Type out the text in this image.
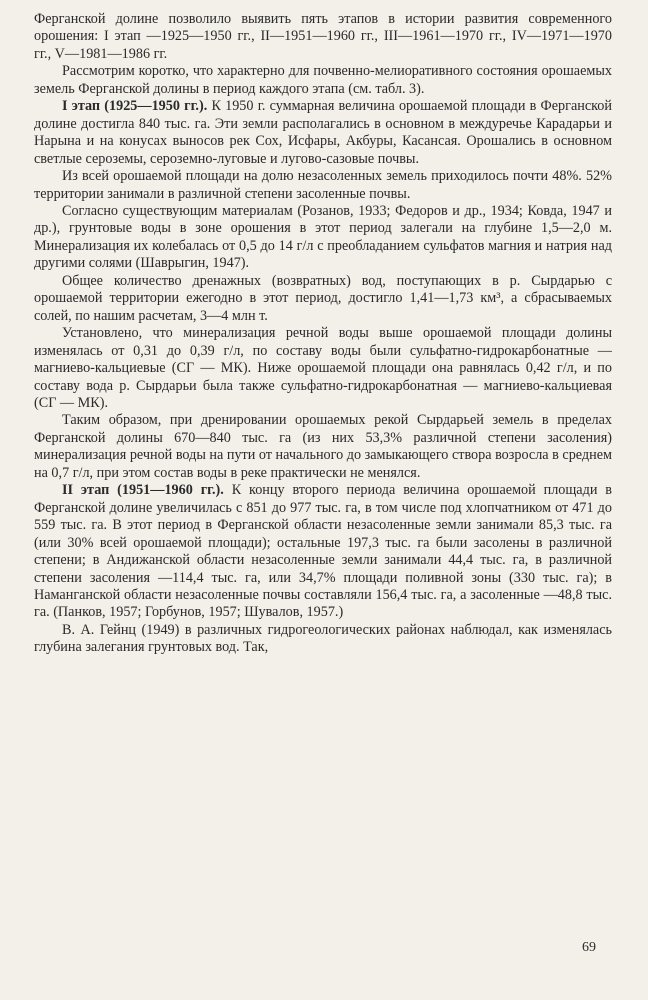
Ферганской долине позволило выявить пять этапов в истории развития современного орошения: I этап —1925—1950 гг., II—1951—1960 гг., III—1961—1970 гг., IV—1971—1970 гг., V—1981—1986 гг.

Рассмотрим коротко, что характерно для почвенно-мелиоративного состояния орошаемых земель Ферганской долины в период каждого этапа (см. табл. 3).

I этап (1925—1950 гг.). К 1950 г. суммарная величина орошаемой площади в Ферганской долине достигла 840 тыс. га. Эти земли располагались в основном в междуречье Карадарьи и Нарына и на конусах выносов рек Сох, Исфары, Акбуры, Касансая. Орошались в основном светлые сероземы, сероземно-луговые и лугово-сазовые почвы.

Из всей орошаемой площади на долю незасоленных земель приходилось почти 48%. 52% территории занимали в различной степени засоленные почвы.

Согласно существующим материалам (Розанов, 1933; Федоров и др., 1934; Ковда, 1947 и др.), грунтовые воды в зоне орошения в этот период залегали на глубине 1,5—2,0 м. Минерализация их колебалась от 0,5 до 14 г/л с преобладанием сульфатов магния и натрия над другими солями (Шаврыгин, 1947).

Общее количество дренажных (возвратных) вод, поступающих в р. Сырдарью с орошаемой территории ежегодно в этот период, достигло 1,41—1,73 км³, а сбрасываемых солей, по нашим расчетам, 3—4 млн т.

Установлено, что минерализация речной воды выше орошаемой площади долины изменялась от 0,31 до 0,39 г/л, по составу воды были сульфатно-гидрокарбонатные — магниево-кальциевые (СГ — МК). Ниже орошаемой площади она равнялась 0,42 г/л, и по составу вода р. Сырдарьи была также сульфатно-гидрокарбонатная — магниево-кальциевая (СГ — МК).

Таким образом, при дренировании орошаемых рекой Сырдарьей земель в пределах Ферганской долины 670—840 тыс. га (из них 53,3% различной степени засоления) минерализация речной воды на пути от начального до замыкающего створа возросла в среднем на 0,7 г/л, при этом состав воды в реке практически не менялся.

II этап (1951—1960 гг.). К концу второго периода величина орошаемой площади в Ферганской долине увеличилась с 851 до 977 тыс. га, в том числе под хлопчатником от 471 до 559 тыс. га. В этот период в Ферганской области незасоленные земли занимали 85,3 тыс. га (или 30% всей орошаемой площади); остальные 197,3 тыс. га были засолены в различной степени; в Андижанской области незасоленные земли занимали 44,4 тыс. га, в различной степени засоления —114,4 тыс. га, или 34,7% площади поливной зоны (330 тыс. га); в Наманганской области незасоленные почвы составляли 156,4 тыс. га, а засоленные —48,8 тыс. га. (Панков, 1957; Горбунов, 1957; Шувалов, 1957.)

В. А. Гейнц (1949) в различных гидрогеологических районах наблюдал, как изменялась глубина залегания грунтовых вод. Так,

69
